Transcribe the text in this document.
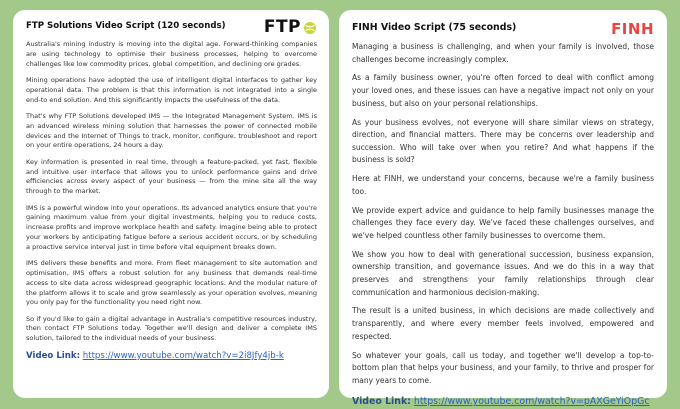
FTP Solutions Video Script (120 seconds) FTP

Australia's mining industry is moving into the digital age. Forward-thinking companies are using technology to optimise their business processes, helping to overcome challenges like low commodity prices, global competition, and declining ore grades.

Mining operations have adopted the use of intelligent digital interfaces to gather key operational data. The problem is that this information is not integrated into a single end-to end solution. And this significantly impacts the usefulness of the data.

That's why FTP Solutions developed IMS — the Integrated Management System. IMS is an advanced wireless mining solution that harnesses the power of connected mobile devices and the Internet of Things to track, monitor, configure, troubleshoot and report on your entire operations, 24 hours a day.

Key information is presented in real time, through a feature-packed, yet fast, flexible and intuitive user interface that allows you to unlock performance gains and drive efficiencies across every aspect of your business — from the mine site all the way through to the market.

IMS is a powerful window into your operations. Its advanced analytics ensure that you're gaining maximum value from your digital investments, helping you to reduce costs, increase profits and improve workplace health and safety. Imagine being able to protect your workers by anticipating fatigue before a serious accident occurs, or by scheduling a proactive service interval just in time before vital equipment breaks down.

IMS delivers these benefits and more. From fleet management to site automation and optimisation, IMS offers a robust solution for any business that demands real-time access to site data across widespread geographic locations. And the modular nature of the platform allows it to scale and grow seamlessly as your operation evolves, meaning you only pay for the functionality you need right now.

So if you'd like to gain a digital advantage in Australia's competitive resources industry, then contact FTP Solutions today. Together we'll design and deliver a complete IMS solution, tailored to the individual needs of your business.

Video Link: https://www.youtube.com/watch?v=2i8Jfy4jb-k
FINH Video Script (75 seconds)	FINH

Managing a business is challenging, and when your family is involved, those challenges become increasingly complex.

As a family business owner, you're often forced to deal with conflict among your loved ones, and these issues can have a negative impact not only on your business, but also on your personal relationships.

As your business evolves, not everyone will share similar views on strategy, direction, and financial matters. There may be concerns over leadership and succession. Who will take over when you retire? And what happens if the business is sold?

Here at FINH, we understand your concerns, because we're a family business too.

We provide expert advice and guidance to help family businesses manage the challenges they face every day. We've faced these challenges ourselves, and we've helped countless other family businesses to overcome them.

We show you how to deal with generational succession, business expansion, ownership transition, and governance issues. And we do this in a way that preserves and strengthens your family relationships through clear communication and harmonious decision-making.

The result is a united business, in which decisions are made collectively and transparently, and where every member feels involved, empowered and respected.

So whatever your goals, call us today, and together we'll develop a top-to-bottom plan that helps your business, and your family, to thrive and prosper for many years to come.

Video Link: https://www.youtube.com/watch?v=pAXGeYiOpGc
